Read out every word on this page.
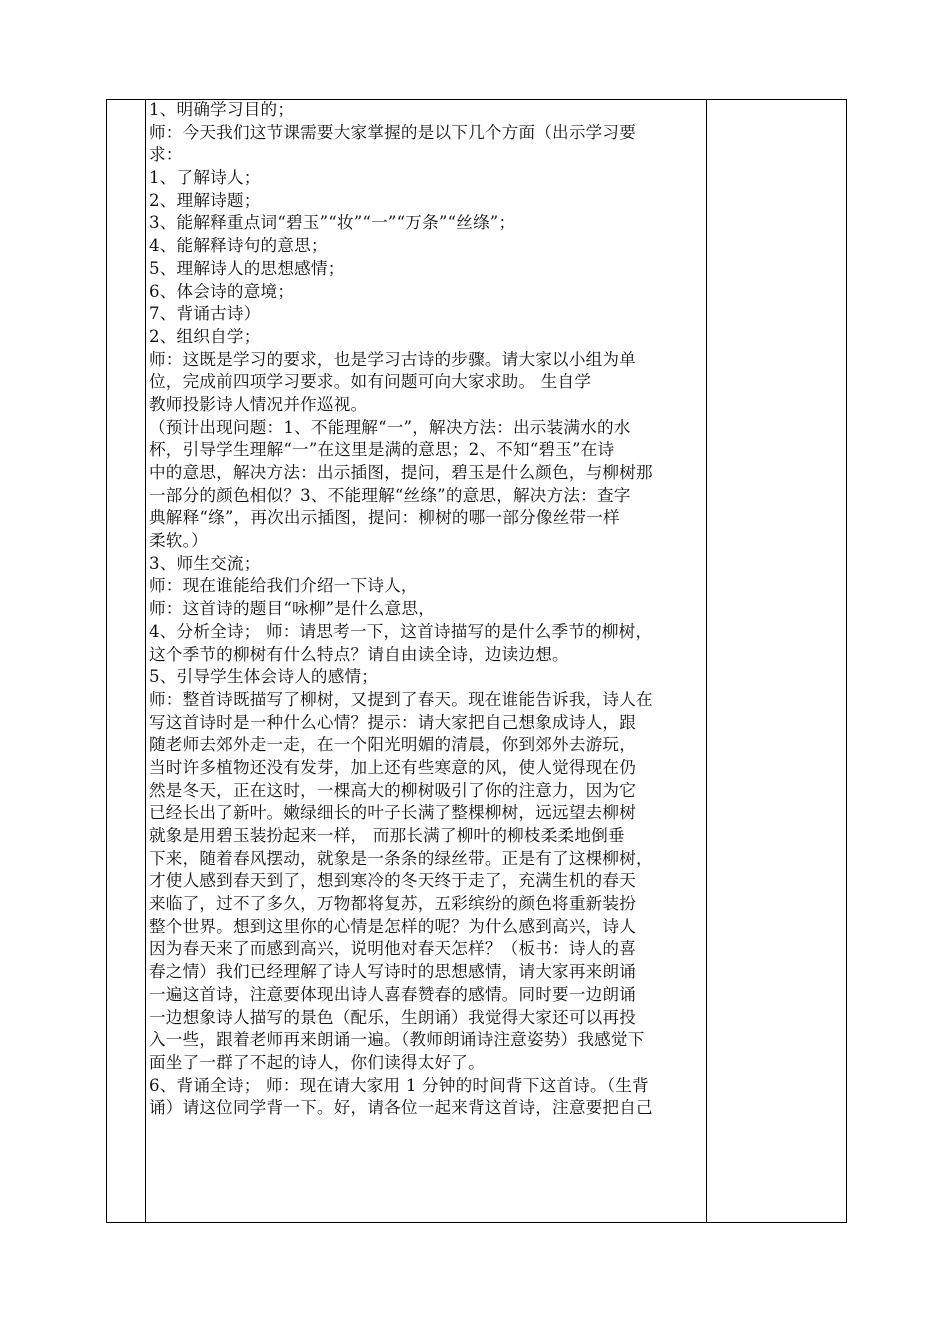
1、明确学习目的；
师：今天我们这节课需要大家掌握的是以下几个方面（出示学习要
求：
1、了解诗人；
2、理解诗题；
3、能解释重点词“碧玉”“妆”“一”“万条”“丝绦”；
4、能解释诗句的意思；
5、理解诗人的思想感情；
6、体会诗的意境；
7、背诵古诗）
2、组织自学；
师：这既是学习的要求，也是学习古诗的步骤。请大家以小组为单
位，完成前四项学习要求。如有问题可向大家求助。 生自学
教师投影诗人情况并作巡视。
（预计出现问题：1、不能理解“一”，解决方法：出示装满水的水
杯，引导学生理解“一”在这里是满的意思；2、不知“碧玉”在诗
中的意思，解决方法：出示插图，提问，碧玉是什么颜色，与柳树那
一部分的颜色相似？3、不能理解“丝绦”的意思，解决方法：查字
典解释“绦”，再次出示插图，提问：柳树的哪一部分像丝带一样
柔软。）
3、师生交流；
师：现在谁能给我们介绍一下诗人，
师：这首诗的题目“咏柳”是什么意思，
4、分析全诗； 师：请思考一下，这首诗描写的是什么季节的柳树，
这个季节的柳树有什么特点？请自由读全诗，边读边想。
5、引导学生体会诗人的感情；
师：整首诗既描写了柳树，又提到了春天。现在谁能告诉我，诗人在
写这首诗时是一种什么心情？提示：请大家把自己想象成诗人，跟
随老师去郊外走一走，在一个阳光明媚的清晨，你到郊外去游玩，
当时许多植物还没有发芽，加上还有些寒意的风，使人觉得现在仍
然是冬天，正在这时，一棵高大的柳树吸引了你的注意力，因为它
已经长出了新叶。嫩绿细长的叶子长满了整棵柳树，远远望去柳树
就象是用碧玉装扮起来一样， 而那长满了柳叶的柳枝柔柔地倒垂
下来，随着春风摆动，就象是一条条的绿丝带。正是有了这棵柳树，
才使人感到春天到了，想到寒冷的冬天终于走了，充满生机的春天
来临了，过不了多久，万物都将复苏，五彩缤纷的颜色将重新装扮
整个世界。想到这里你的心情是怎样的呢？为什么感到高兴，诗人
因为春天来了而感到高兴，说明他对春天怎样？（板书：诗人的喜
春之情）我们已经理解了诗人写诗时的思想感情，请大家再来朗诵
一遍这首诗，注意要体现出诗人喜春赞春的感情。同时要一边朗诵
一边想象诗人描写的景色（配乐，生朗诵）我觉得大家还可以再投
入一些，跟着老师再来朗诵一遍。（教师朗诵诗注意姿势）我感觉下
面坐了一群了不起的诗人，你们读得太好了。
6、背诵全诗； 师：现在请大家用 1 分钟的时间背下这首诗。（生背
诵）请这位同学背一下。好，请各位一起来背这首诗，注意要把自己
